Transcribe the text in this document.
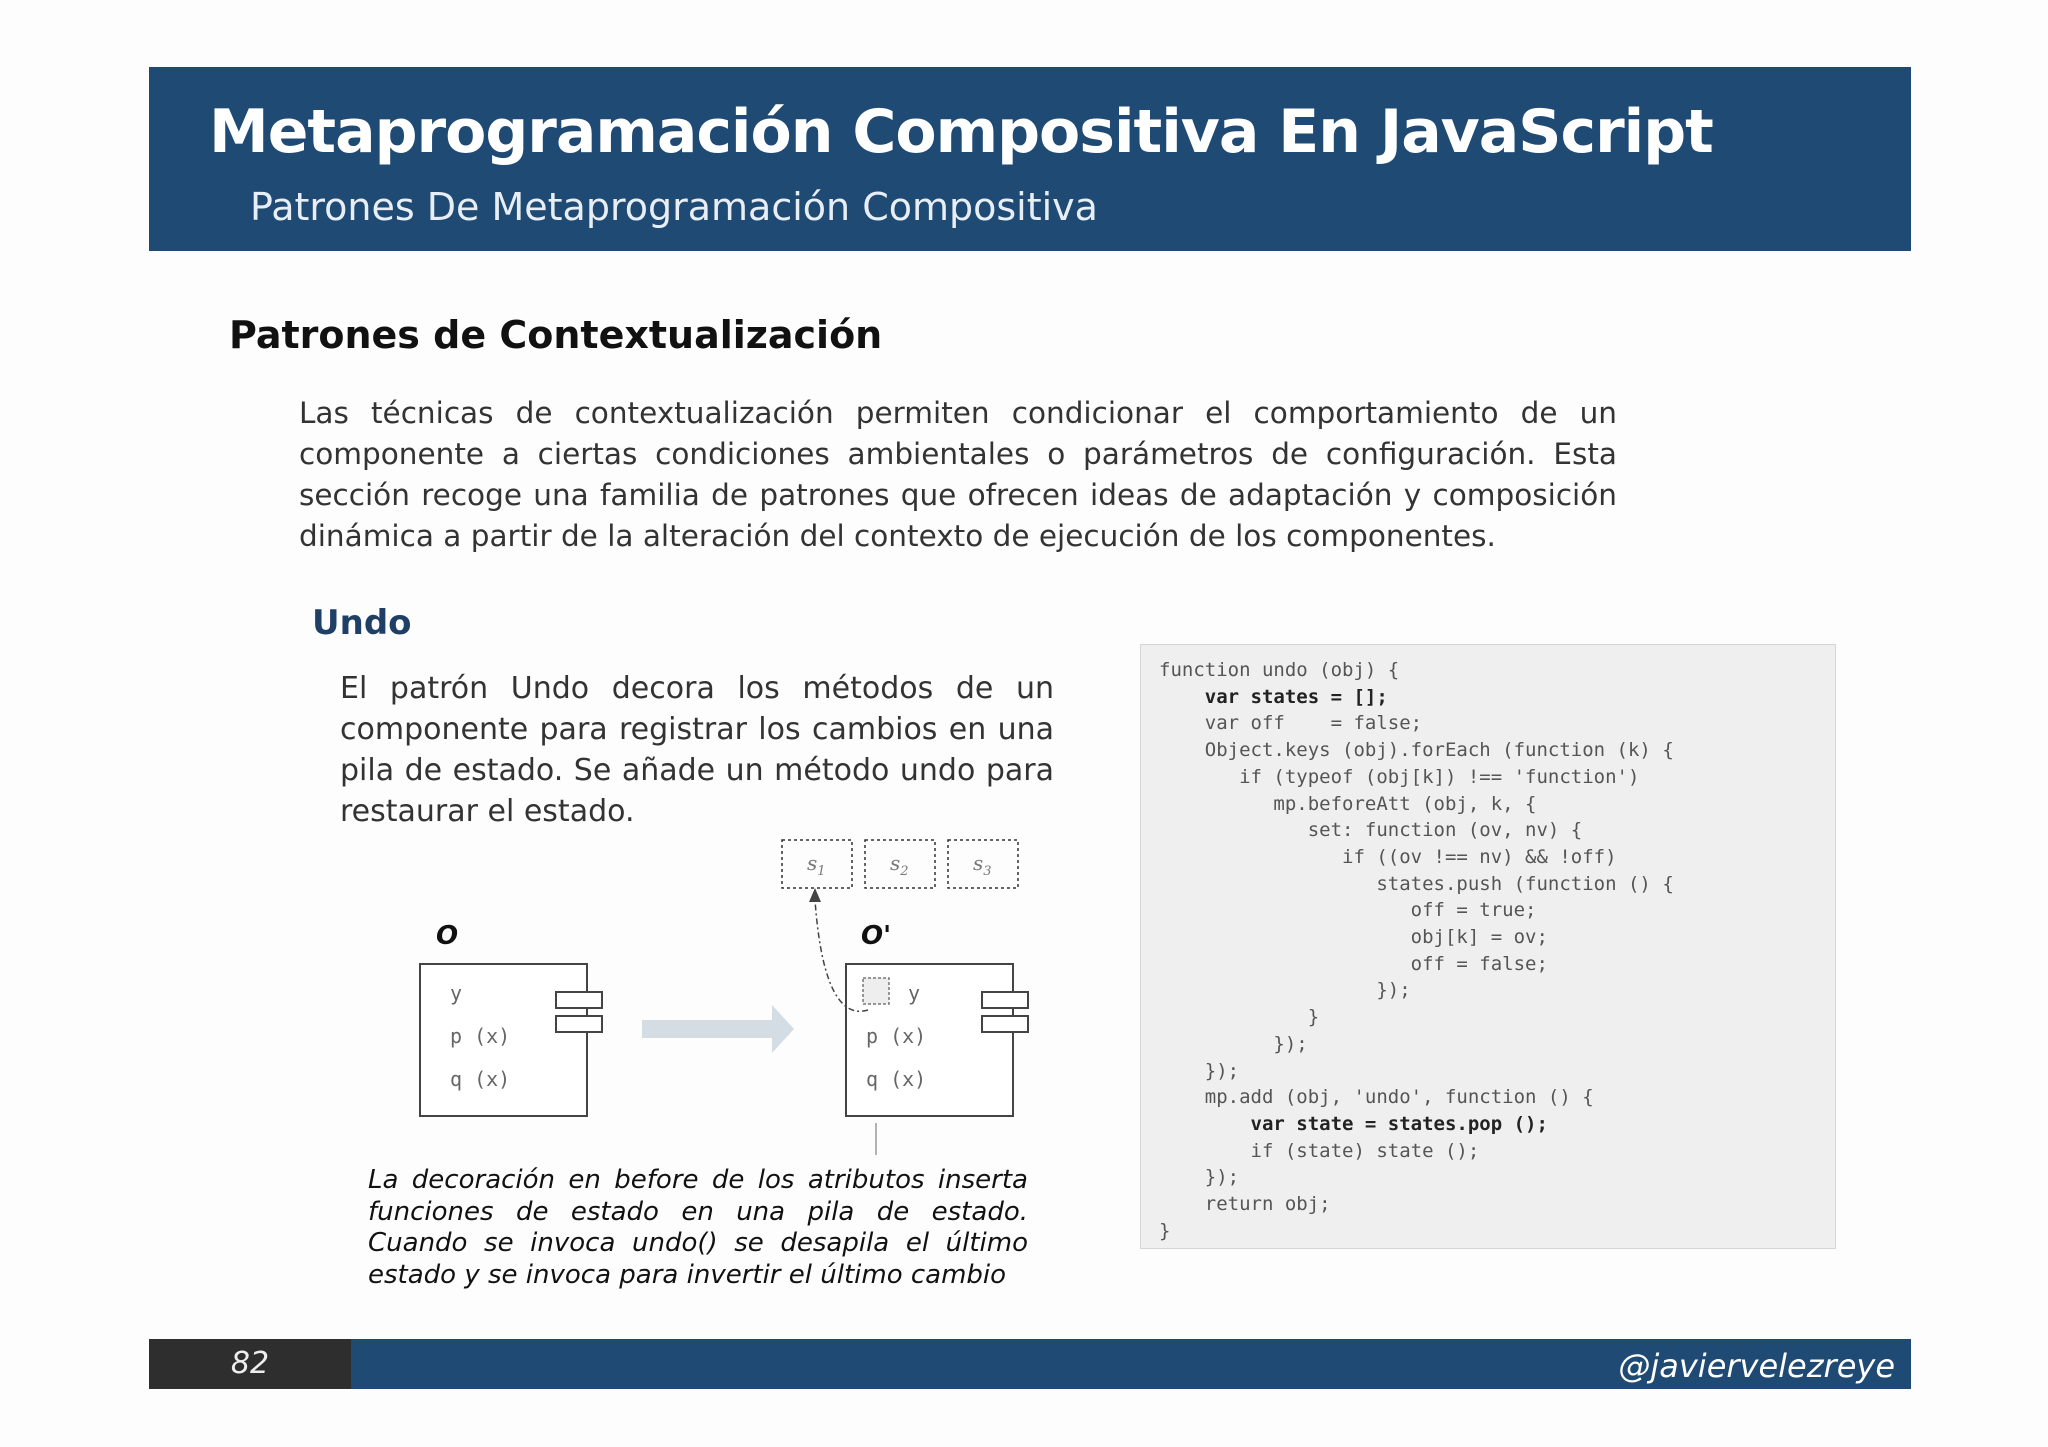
Metaprogramación Compositiva En JavaScript
Patrones De Metaprogramación Compositiva
Patrones de Contextualización
Las técnicas de contextualización permiten condicionar el comportamiento de un componente a ciertas condiciones ambientales o parámetros de configuración. Esta sección recoge una familia de patrones que ofrecen ideas de adaptación y composición dinámica a partir de la alteración del contexto de ejecución de los componentes.
Undo
El patrón Undo decora los métodos de un componente para registrar los cambios en una pila de estado. Se añade un método undo para restaurar el estado.
$s_1$	$s_2$	$s_3$
O	O'
y
p (x)
q (x)
y
p (x)
q (x)
La decoración en before de los atributos inserta funciones de estado en una pila de estado. Cuando se invoca undo() se desapila el último estado y se invoca para invertir el último cambio
function undo (obj) {
var states = [];
var off    = false;
Object.keys (obj).forEach (function (k) {
if (typeof (obj[k]) !== 'function')
mp.beforeAtt (obj, k, {
set: function (ov, nv) {
if ((ov !== nv) && !off)
states.push (function () {
off = true;
obj[k] = ov;
off = false;
});
}
});
});
mp.add (obj, 'undo', function () {
var state = states.pop ();
if (state) state ();
});
return obj;
}
82	@javiervelezreye
